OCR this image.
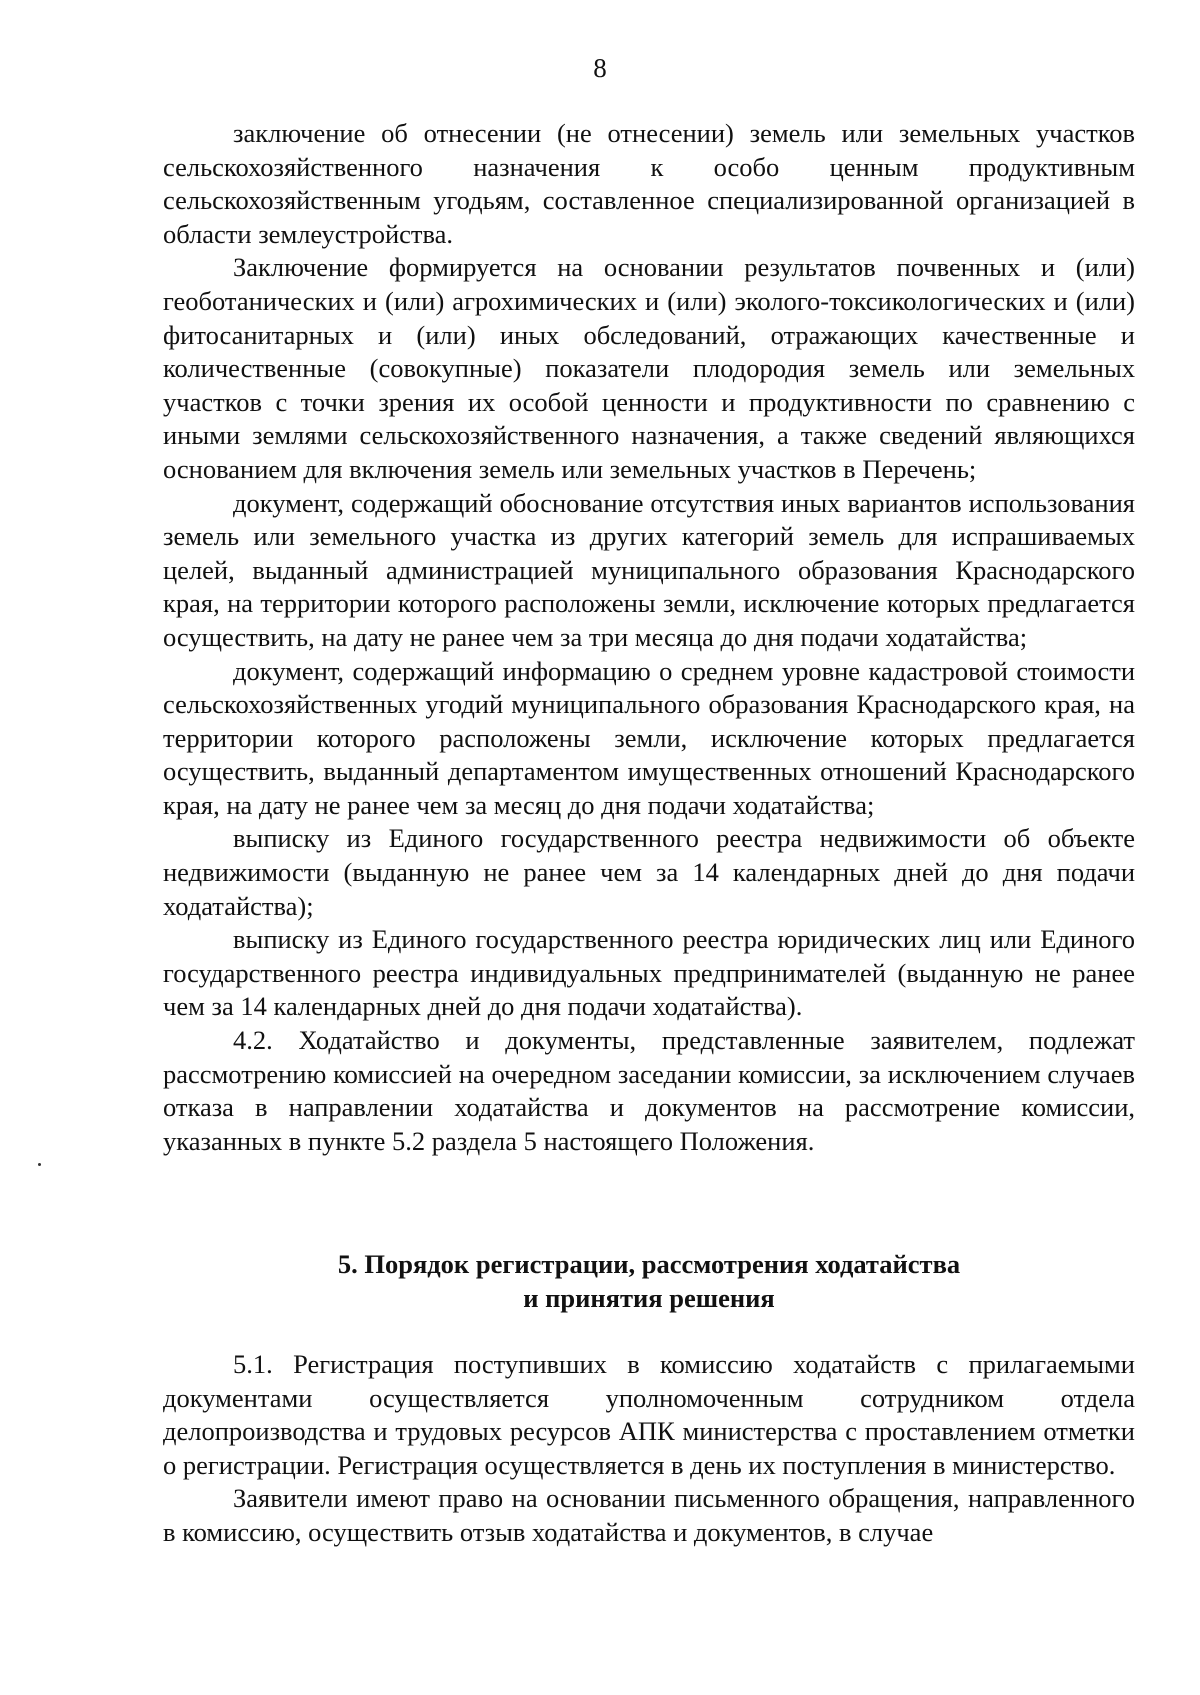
8

заключение об отнесении (не отнесении) земель или земельных участков сельскохозяйственного назначения к особо ценным продуктивным сельскохозяйственным угодьям, составленное специализированной организацией в области землеустройства.

Заключение формируется на основании результатов почвенных и (или) геоботанических и (или) агрохимических и (или) эколого-токсикологических и (или) фитосанитарных и (или) иных обследований, отражающих качественные и количественные (совокупные) показатели плодородия земель или земельных участков с точки зрения их особой ценности и продуктивности по сравнению с иными землями сельскохозяйственного назначения, а также сведений являющихся основанием для включения земель или земельных участков в Перечень;

документ, содержащий обоснование отсутствия иных вариантов использования земель или земельного участка из других категорий земель для испрашиваемых целей, выданный администрацией муниципального образования Краснодарского края, на территории которого расположены земли, исключение которых предлагается осуществить, на дату не ранее чем за три месяца до дня подачи ходатайства;

документ, содержащий информацию о среднем уровне кадастровой стоимости сельскохозяйственных угодий муниципального образования Краснодарского края, на территории которого расположены земли, исключение которых предлагается осуществить, выданный департаментом имущественных отношений Краснодарского края, на дату не ранее чем за месяц до дня подачи ходатайства;

выписку из Единого государственного реестра недвижимости об объекте недвижимости (выданную не ранее чем за 14 календарных дней до дня подачи ходатайства);

выписку из Единого государственного реестра юридических лиц или Единого государственного реестра индивидуальных предпринимателей (выданную не ранее чем за 14 календарных дней до дня подачи ходатайства).

4.2. Ходатайство и документы, представленные заявителем, подлежат рассмотрению комиссией на очередном заседании комиссии, за исключением случаев отказа в направлении ходатайства и документов на рассмотрение комиссии, указанных в пункте 5.2 раздела 5 настоящего Положения.

5. Порядок регистрации, рассмотрения ходатайства
и принятия решения

5.1. Регистрация поступивших в комиссию ходатайств с прилагаемыми документами осуществляется уполномоченным сотрудником отдела делопроизводства и трудовых ресурсов АПК министерства с проставлением отметки о регистрации. Регистрация осуществляется в день их поступления в министерство.

Заявители имеют право на основании письменного обращения, направленного в комиссию, осуществить отзыв ходатайства и документов, в случае
